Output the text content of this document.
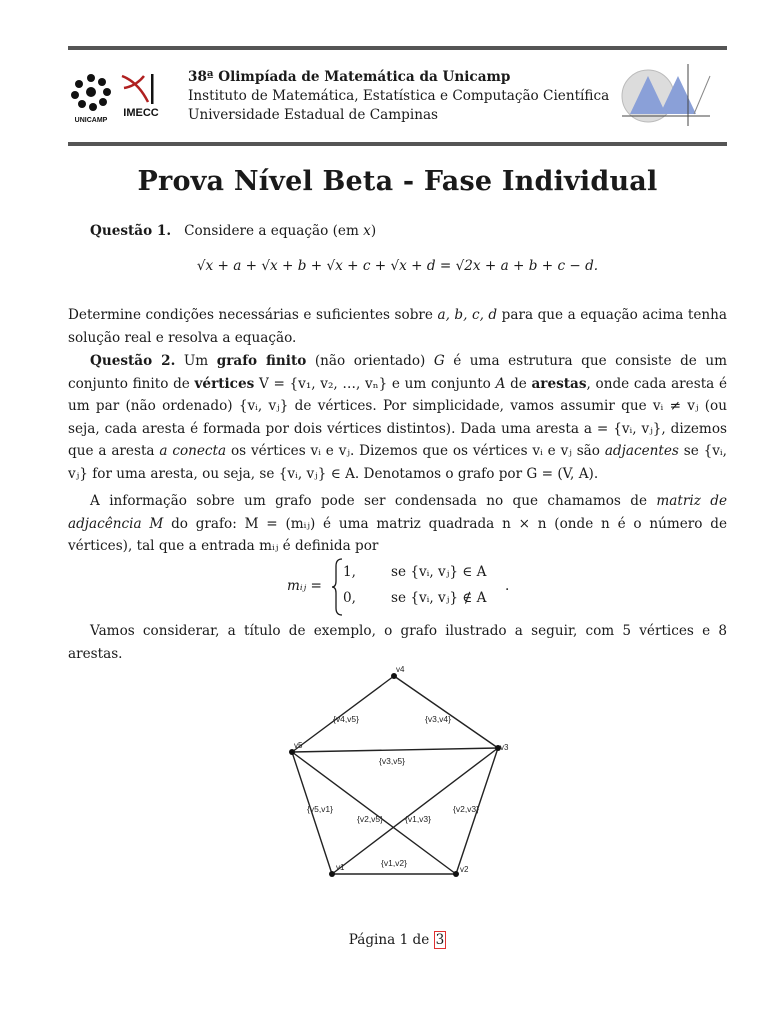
UNICAMP
IMECC
38ª Olimpíada de Matemática da Unicamp
Instituto de Matemática, Estatística e Computação Científica
Universidade Estadual de Campinas
Prova Nível Beta - Fase Individual

Questão 1. Considere a equação (em x)

√x + a + √x + b + √x + c + √x + d = √2x + a + b + c − d.

Determine condições necessárias e suficientes sobre a, b, c, d para que a equação acima tenha solução real e resolva a equação.

Questão 2. Um grafo finito (não orientado) G é uma estrutura que consiste de um conjunto finito de vértices V = {v₁, v₂, …, vₙ} e um conjunto A de arestas, onde cada aresta é um par (não ordenado) {vᵢ, vⱼ} de vértices. Por simplicidade, vamos assumir que vᵢ ≠ vⱼ (ou seja, cada aresta é formada por dois vértices distintos). Dada uma aresta a = {vᵢ, vⱼ}, dizemos que a aresta a conecta os vértices vᵢ e vⱼ. Dizemos que os vértices vᵢ e vⱼ são adjacentes se {vᵢ, vⱼ} for uma aresta, ou seja, se {vᵢ, vⱼ} ∈ A. Denotamos o grafo por G = (V, A).

A informação sobre um grafo pode ser condensada no que chamamos de matriz de adjacência M do grafo: M = (mᵢⱼ) é uma matriz quadrada n × n (onde n é o número de vértices), tal que a entrada mᵢⱼ é definida por

mᵢⱼ =
1,	se {vᵢ, vⱼ} ∈ A
0,	se {vᵢ, vⱼ} ∉ A
.

Vamos considerar, a título de exemplo, o grafo ilustrado a seguir, com 5 vértices e 8 arestas.

{v4,v5}	{v3,v4}
{v3,v5}
{v5,v1}
{v2,v5}	{v1,v3}
{v2,v3}
{v1,v2}
v1	v2
v3
v4
v5
Página 1 de 3
